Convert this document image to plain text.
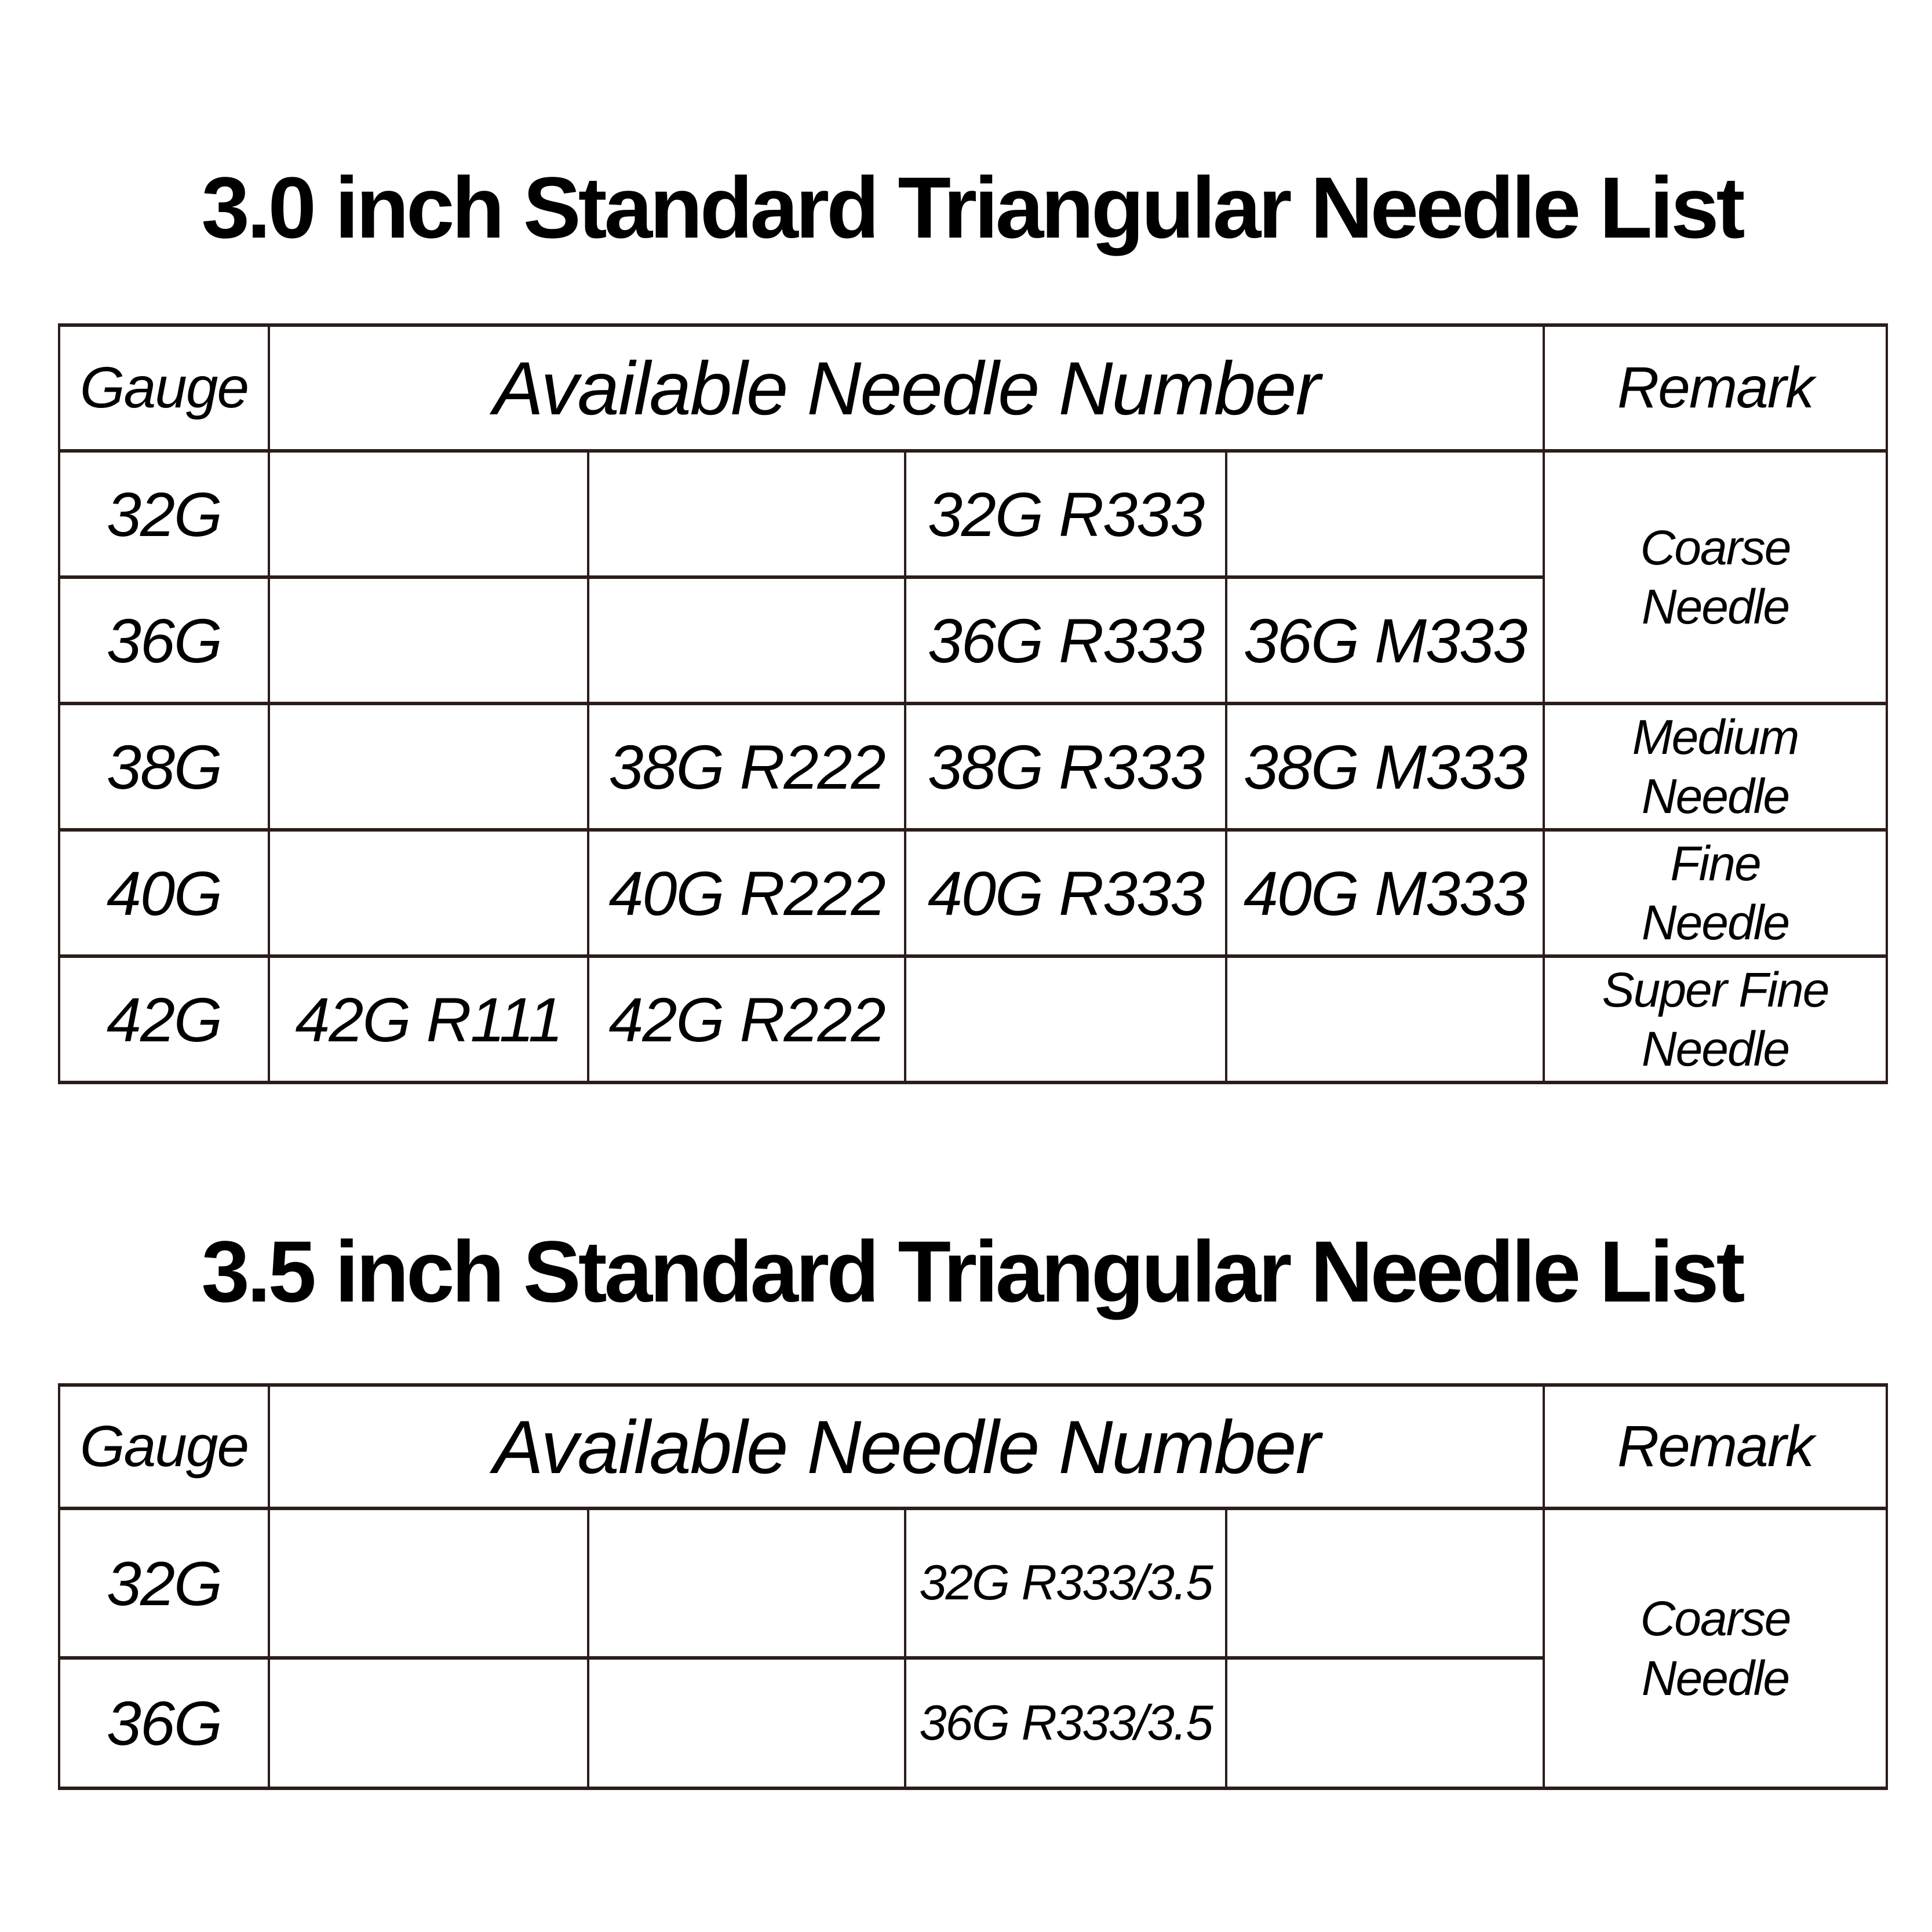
3.0 inch Standard Triangular Needle List
Gauge	Available Needle Number				Remark
32G			32G R333		Coarse
Needle

36G			36G R333	36G M333	
38G		38G R222	38G R333	38G M333	Medium
Needle

40G		40G R222	40G R333	40G M333	Fine
Needle

42G	42G R111	42G R222			Super Fine
Needle
3.5 inch Standard Triangular Needle List
Gauge	Available Needle Number				Remark
32G			32G R333/3.5		Coarse
Needle

36G			36G R333/3.5		
